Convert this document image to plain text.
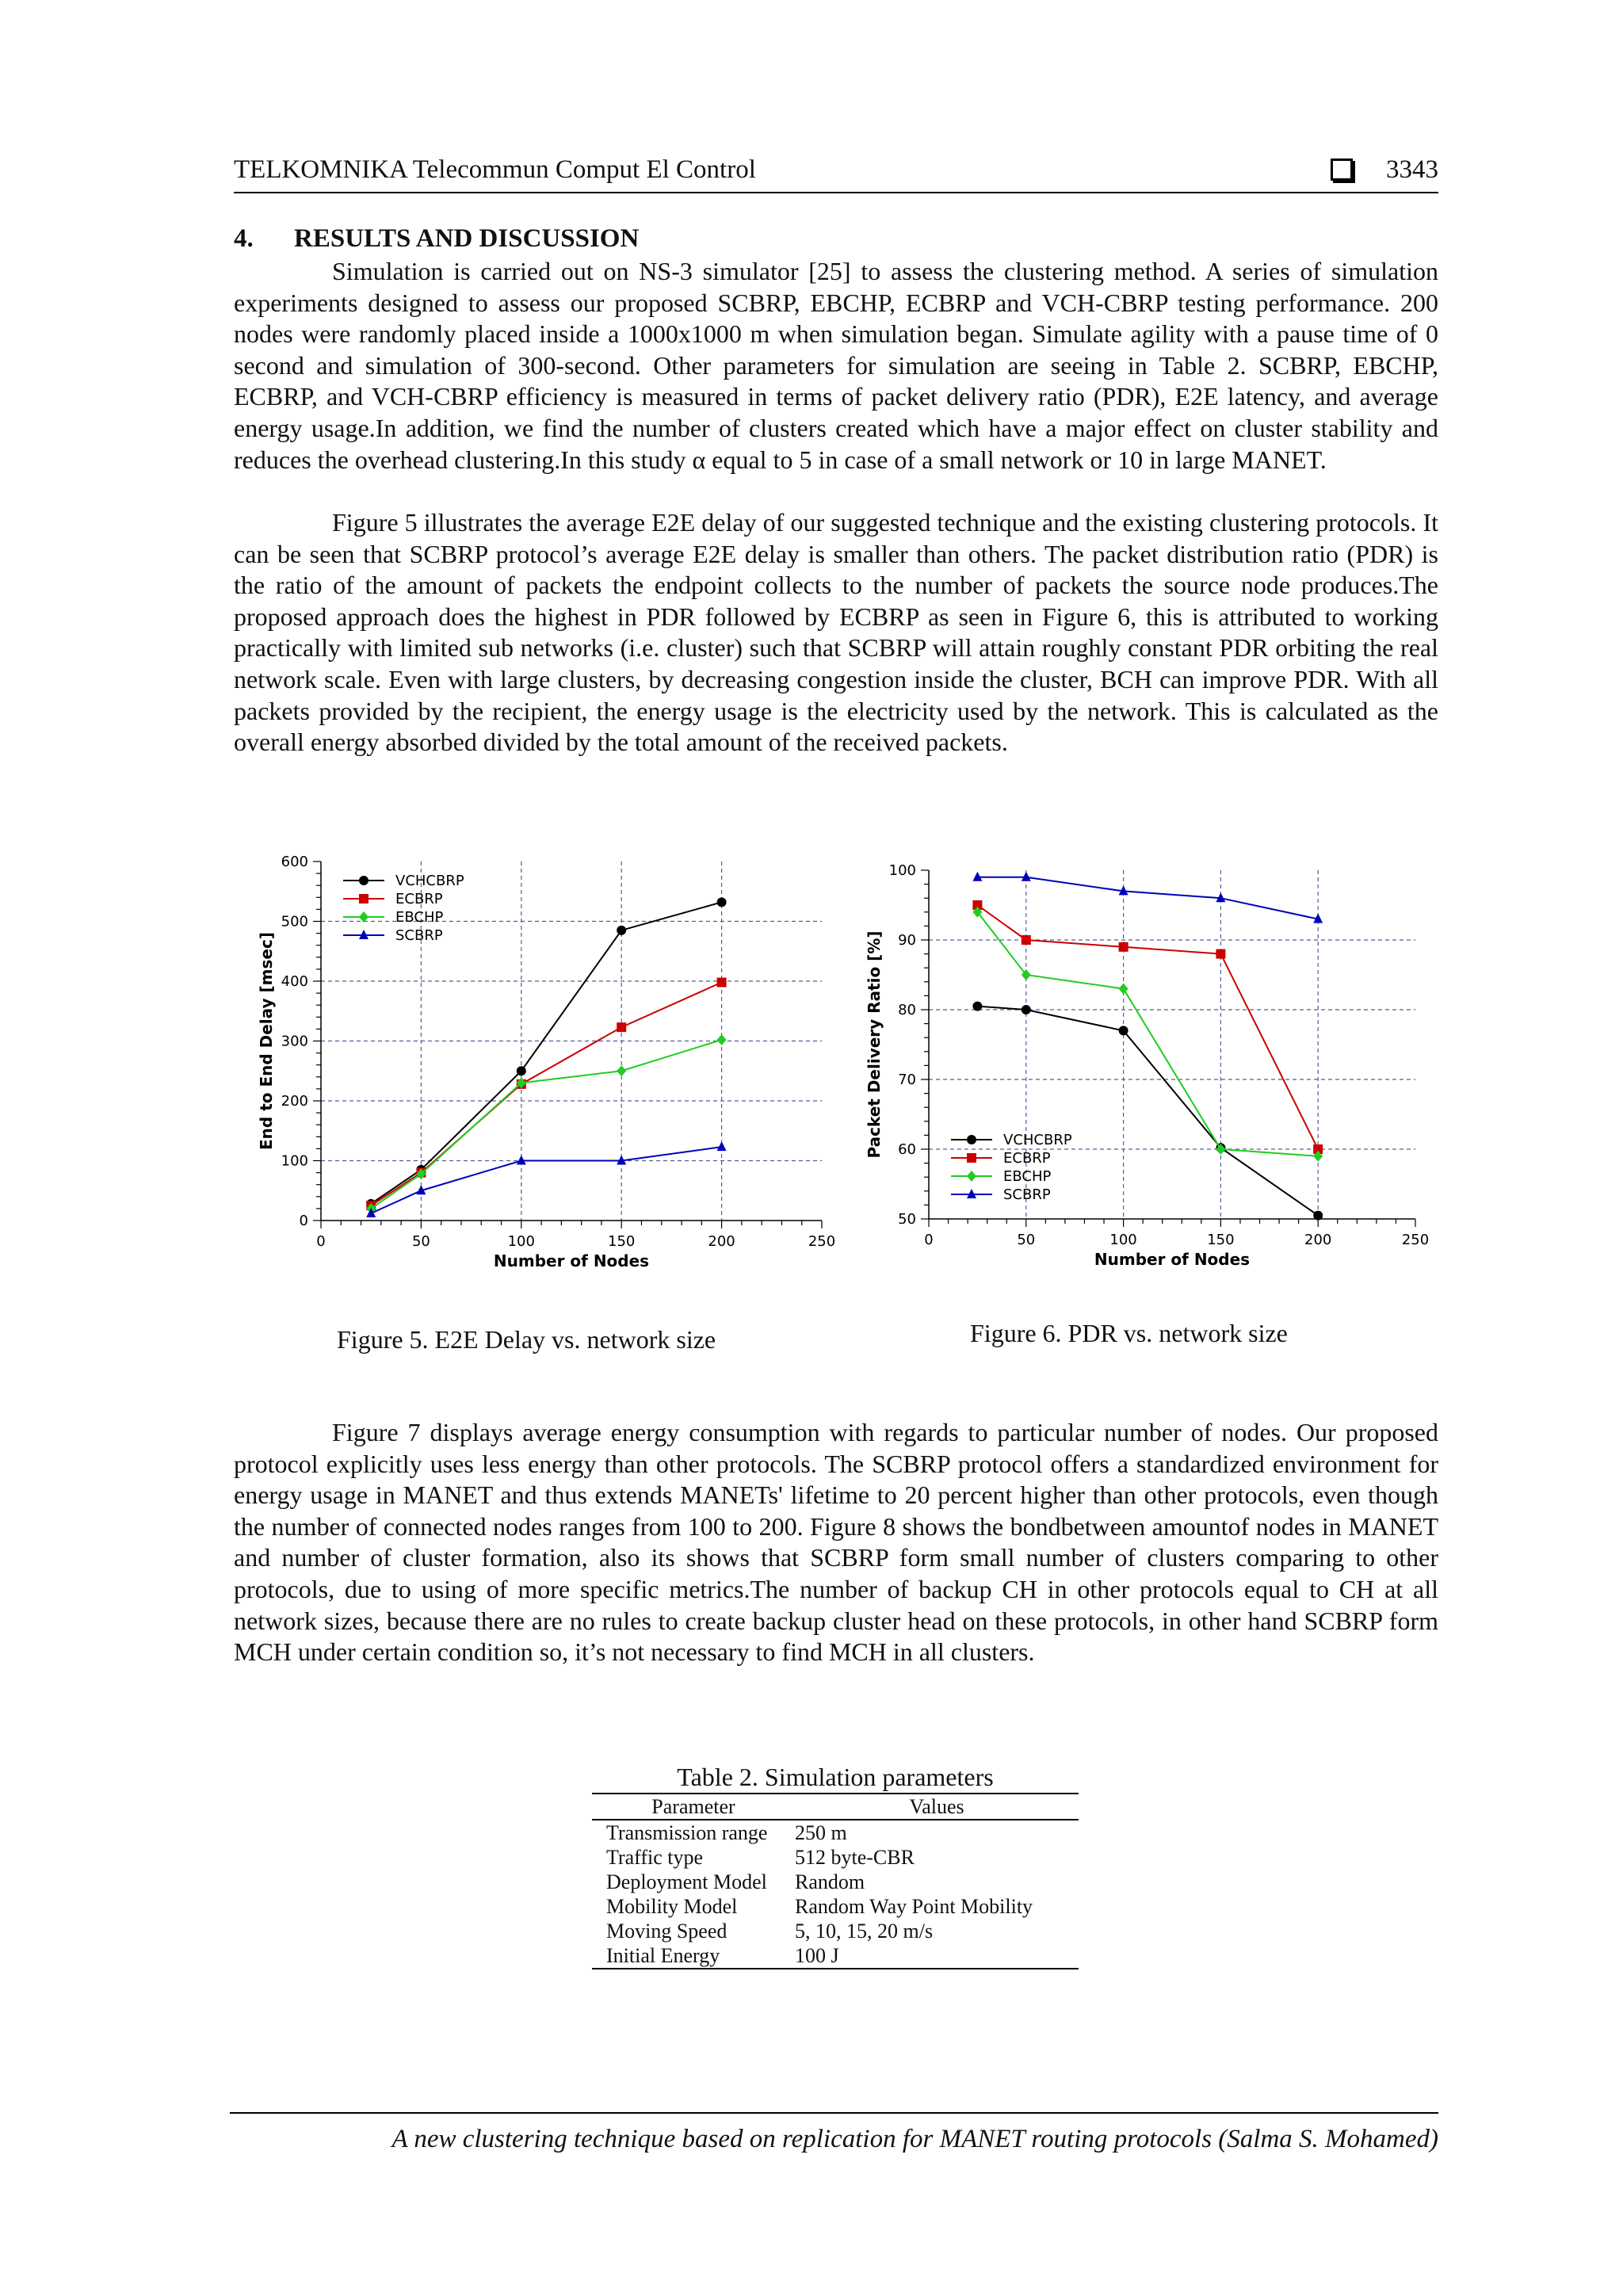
TELKOMNIKA Telecommun Comput El Control	3343
4. RESULTS AND DISCUSSION
Simulation is carried out on NS-3 simulator [25] to assess the clustering method. A series of simulation experiments designed to assess our proposed SCBRP, EBCHP, ECBRP and VCH-CBRP testing performance. 200 nodes were randomly placed inside a 1000x1000 m when simulation began. Simulate agility with a pause time of 0 second and simulation of 300-second. Other parameters for simulation are seeing in Table 2. SCBRP, EBCHP, ECBRP, and VCH-CBRP efficiency is measured in terms of packet delivery ratio (PDR), E2E latency, and average energy usage.In addition, we find the number of clusters created which have a major effect on cluster stability and reduces the overhead clustering.In this study α equal to 5 in case of a small network or 10 in large MANET.
Figure 5 illustrates the average E2E delay of our suggested technique and the existing clustering protocols. It can be seen that SCBRP protocol’s average E2E delay is smaller than others. The packet distribution ratio (PDR) is the ratio of the amount of packets the endpoint collects to the number of packets the source node produces.The proposed approach does the highest in PDR followed by ECBRP as seen in Figure 6, this is attributed to working practically with limited sub networks (i.e. cluster) such that SCBRP will attain roughly constant PDR orbiting the real network scale. Even with large clusters, by decreasing congestion inside the cluster, BCH can improve PDR. With all packets provided by the recipient, the energy usage is the electricity used by the network. This is calculated as the overall energy absorbed divided by the total amount of the received packets.
0	50	100	150	200	250
0
100
200
300
400
500
600
Number of Nodes
End to End Delay [msec]
VCHCBRP
ECBRP
EBCHP
SCBRP
0	50	100	150	200	250
50
60
70
80
90
100
Number of Nodes
Packet Delivery Ratio [%]	VCHCBRP
ECBRP
EBCHP
SCBRP
Figure 5. E2E Delay vs. network size	Figure 6. PDR vs. network size
Figure 7 displays average energy consumption with regards to particular number of nodes. Our proposed protocol explicitly uses less energy than other protocols. The SCBRP protocol offers a standardized environment for energy usage in MANET and thus extends MANETs' lifetime to 20 percent higher than other protocols, even though the number of connected nodes ranges from 100 to 200. Figure 8 shows the bondbetween amountof nodes in MANET and number of cluster formation, also its shows that SCBRP form small number of clusters comparing to other protocols, due to using of more specific metrics.The number of backup CH in other protocols equal to CH at all network sizes, because there are no rules to create backup cluster head on these protocols, in other hand SCBRP form MCH under certain condition so, it’s not necessary to find MCH in all clusters.
Table 2. Simulation parameters
Parameter	Values
Transmission range	250 m
Traffic type	512 byte-CBR
Deployment Model	Random
Mobility Model	Random Way Point Mobility
Moving Speed	5, 10, 15, 20 m/s
Initial Energy	100 J
A new clustering technique based on replication for MANET routing protocols (Salma S. Mohamed)
